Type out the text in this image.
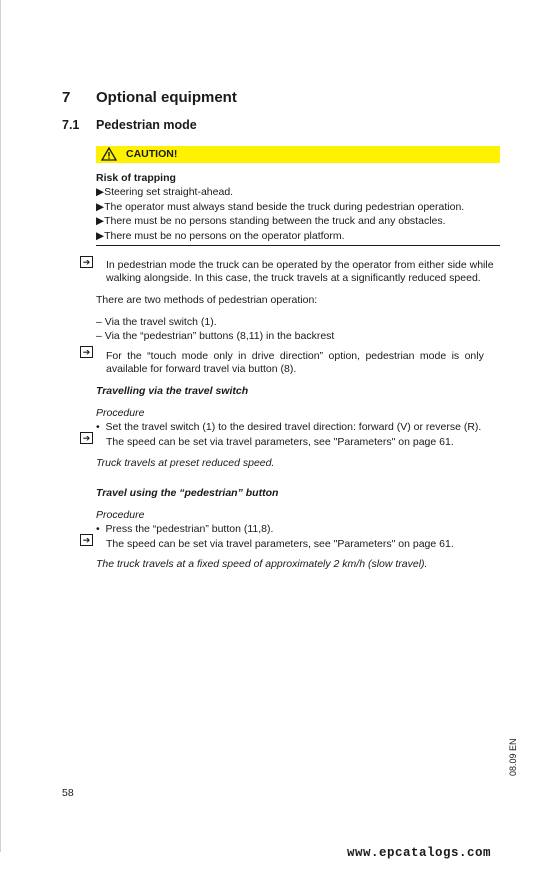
7 Optional equipment
7.1 Pedestrian mode
CAUTION!
Risk of trapping
▶Steering set straight-ahead.
▶The operator must always stand beside the truck during pedestrian operation.
▶There must be no persons standing between the truck and any obstacles.
▶There must be no persons on the operator platform.
➔ In pedestrian mode the truck can be operated by the operator from either side while
walking alongside. In this case, the truck travels at a significantly reduced speed.
There are two methods of pedestrian operation:
– Via the travel switch (1).
– Via the “pedestrian” buttons (8,11) in the backrest
➔ For the “touch mode only in drive direction” option, pedestrian mode is only
available for forward travel via button (8).
Travelling via the travel switch
Procedure
•  Set the travel switch (1) to the desired travel direction: forward (V) or reverse (R).
➔ The speed can be set via travel parameters, see "Parameters" on page 61.
Truck travels at preset reduced speed.
Travel using the “pedestrian” button
Procedure
•  Press the “pedestrian” button (11,8).
➔ The speed can be set via travel parameters, see "Parameters" on page 61.
The truck travels at a fixed speed of approximately 2 km/h (slow travel).
08.09 EN
58
www.epcatalogs.com
